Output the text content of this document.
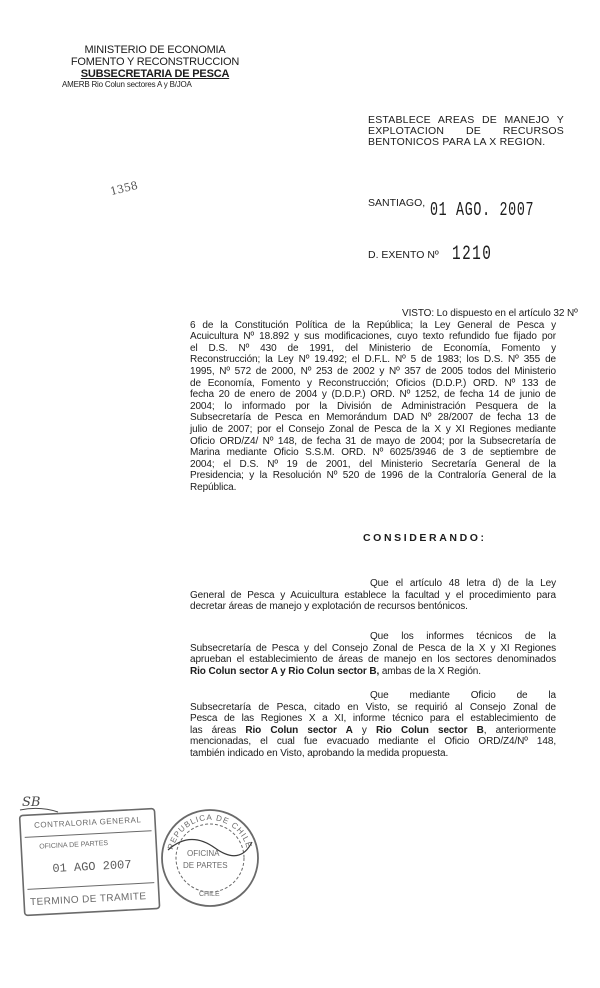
MINISTERIO DE ECONOMIA
FOMENTO Y RECONSTRUCCION
SUBSECRETARIA DE PESCA
AMERB Rio Colun sectores A y B/JOA
ESTABLECE AREAS DE MANEJO Y
EXPLOTACION DE RECURSOS
BENTONICOS PARA LA X REGION.
1358
SANTIAGO, 01 AGO. 2007
D. EXENTO Nº 1210
VISTO: Lo dispuesto en el artículo 32 Nº
6 de la Constitución Política de la República; la Ley General de Pesca y
Acuicultura Nº 18.892 y sus modificaciones, cuyo texto refundido fue fijado por
el D.S. Nº 430 de 1991, del Ministerio de Economía, Fomento y
Reconstrucción; la Ley Nº 19.492; el D.F.L. Nº 5 de 1983; los D.S. Nº 355 de
1995, Nº 572 de 2000, Nº 253 de 2002 y Nº 357 de 2005 todos del Ministerio
de Economía, Fomento y Reconstrucción; Oficios (D.D.P.) ORD. Nº 133 de
fecha 20 de enero de 2004 y (D.D.P.) ORD. Nº 1252, de fecha 14 de junio de
2004; lo informado por la División de Administración Pesquera de la
Subsecretaría de Pesca en Memorándum DAD Nº 28/2007 de fecha 13 de
julio de 2007; por el Consejo Zonal de Pesca de la X y XI Regiones mediante
Oficio ORD/Z4/ Nº 148, de fecha 31 de mayo de 2004; por la Subsecretaría de
Marina mediante Oficio S.S.M. ORD. Nº 6025/3946 de 3 de septiembre de
2004; el D.S. Nº 19 de 2001, del Ministerio Secretaría General de la
Presidencia; y la Resolución Nº 520 de 1996 de la Contraloría General de la
República.
CONSIDERANDO:
Que el artículo 48 letra d) de la Ley
General de Pesca y Acuicultura establece la facultad y el procedimiento para
decretar áreas de manejo y explotación de recursos bentónicos.
Que los informes técnicos de la
Subsecretaría de Pesca y del Consejo Zonal de Pesca de la X y XI Regiones
aprueban el establecimiento de áreas de manejo en los sectores denominados
Rio Colun sector A y Rio Colun sector B, ambas de la X Región.
Que mediante Oficio de la
Subsecretaría de Pesca, citado en Visto, se requirió al Consejo Zonal de
Pesca de las Regiones X a XI, informe técnico para el establecimiento de
las áreas Rio Colun sector A y Rio Colun sector B, anteriormente
mencionadas, el cual fue evacuado mediante el Oficio ORD/Z4/Nº 148,
también indicado en Visto, aprobando la medida propuesta.
SB
CONTRALORIA GENERAL
OFICINA DE PARTES
01 AGO 2007
TERMINO DE TRAMITE
REPUBLICA DE CHILE
OFICINA
DE PARTES
CHILE
